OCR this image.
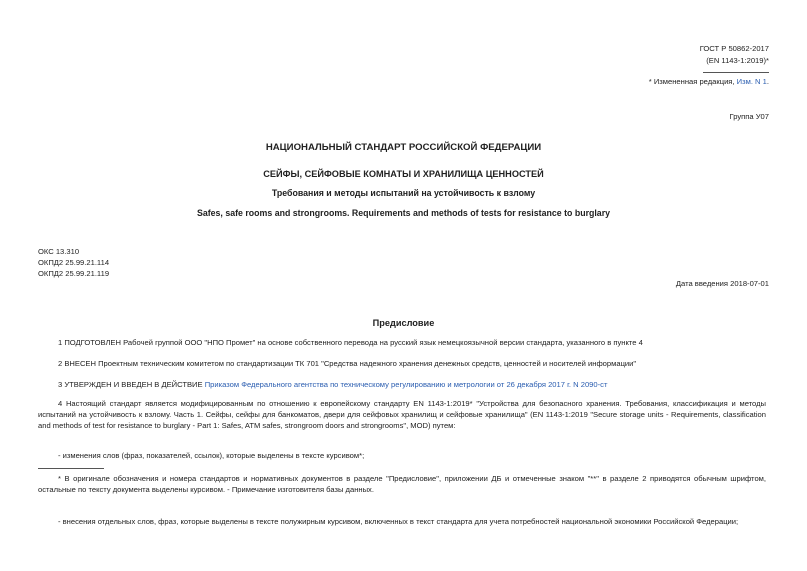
ГОСТ Р 50862-2017
(EN 1143-1:2019)*
* Измененная редакция, Изм. N 1.
Группа У07
НАЦИОНАЛЬНЫЙ СТАНДАРТ РОССИЙСКОЙ ФЕДЕРАЦИИ
СЕЙФЫ, СЕЙФОВЫЕ КОМНАТЫ И ХРАНИЛИЩА ЦЕННОСТЕЙ
Требования и методы испытаний на устойчивость к взлому
Safes, safe rooms and strongrooms. Requirements and methods of tests for resistance to burglary
ОКС 13.310
ОКПД2 25.99.21.114
ОКПД2 25.99.21.119
Дата введения 2018-07-01
Предисловие
1 ПОДГОТОВЛЕН Рабочей группой ООО "НПО Промет" на основе собственного перевода на русский язык немецкоязычной версии стандарта, указанного в пункте 4
2 ВНЕСЕН Проектным техническим комитетом по стандартизации ТК 701 "Средства надежного хранения денежных средств, ценностей и носителей информации"
3 УТВЕРЖДЕН И ВВЕДЕН В ДЕЙСТВИЕ Приказом Федерального агентства по техническому регулированию и метрологии от 26 декабря 2017 г. N 2090-ст
4 Настоящий стандарт является модифицированным по отношению к европейскому стандарту EN 1143-1:2019* "Устройства для безопасного хранения. Требования, классификация и методы испытаний на устойчивость к взлому. Часть 1. Сейфы, сейфы для банкоматов, двери для сейфовых хранилищ и сейфовые хранилища" (EN 1143-1:2019 "Secure storage units - Requirements, classification and methods of test for resistance to burglary - Part 1: Safes, ATM safes, strongroom doors and strongrooms", MOD) путем:
- изменения слов (фраз, показателей, ссылок), которые выделены в тексте курсивом*;
* В оригинале обозначения и номера стандартов и нормативных документов в разделе "Предисловие", приложении ДБ и отмеченные знаком "**" в разделе 2 приводятся обычным шрифтом, остальные по тексту документа выделены курсивом. - Примечание изготовителя базы данных.
- внесения отдельных слов, фраз, которые выделены в тексте полужирным курсивом, включенных в текст стандарта для учета потребностей национальной экономики Российской Федерации;
